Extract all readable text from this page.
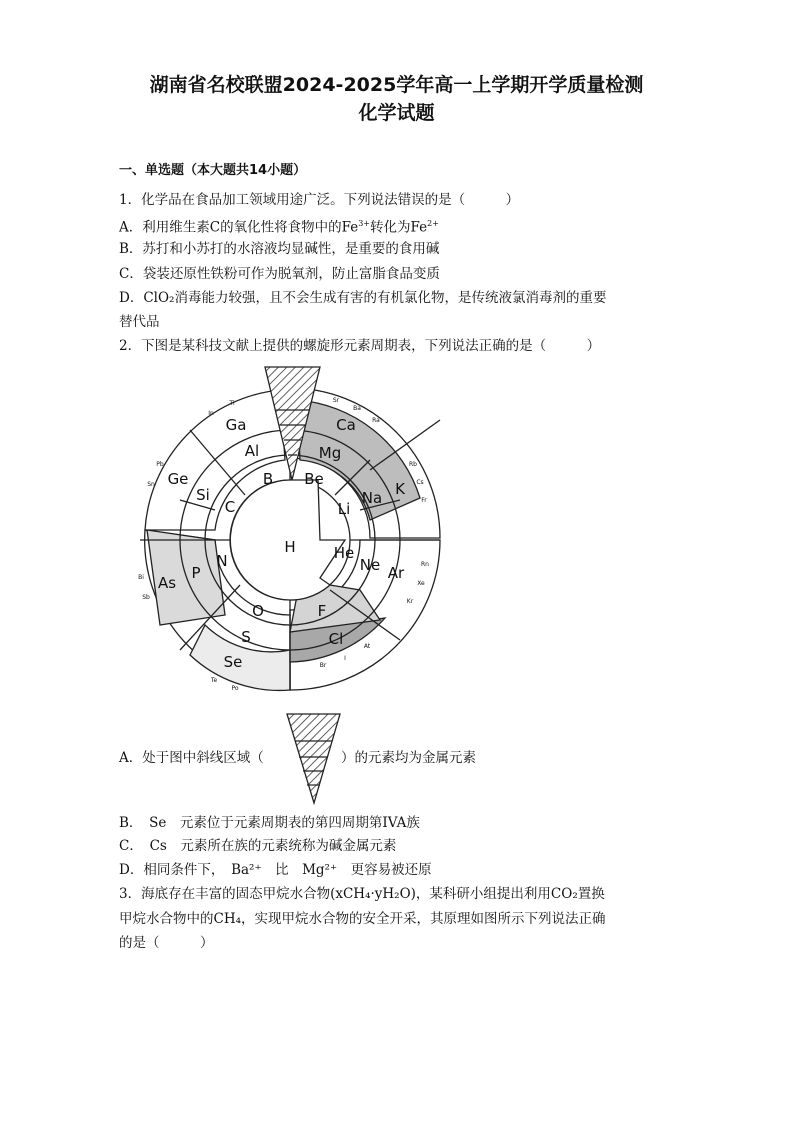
湖南省名校联盟2024-2025学年高一上学期开学质量检测
化学试题
一、单选题（本大题共14小题）
1．化学品在食品加工领域用途广泛。下列说法错误的是（　　　）
A．利用维生素C的氧化性将食物中的$Fe^{3+}$转化为$Fe^{2+}$
B．苏打和小苏打的水溶液均显碱性，是重要的食用碱
C．袋装还原性铁粉可作为脱氧剂，防止富脂食品变质
D．ClO₂消毒能力较强，且不会生成有害的有机氯化物，是传统液氯消毒剂的重要
替代品
2．下图是某科技文献上提供的螺旋形元素周期表，下列说法正确的是（　　　）
H	He
Li
Be
B
C
N
O	F
Ne Ar
Na
Mg
Al
Si
P
S	Cl
K
Ca
Ga
Ge
As
Se
Rb
Cs
Fr
Sr
Ba
Ra
In
Tl
Pb
Sn
Bi
Sb
Te
Po
Br
I
At
Rn
Xe
Kr
A．处于图中斜线区域（	）的元素均为金属元素
B．　Se　元素位于元素周期表的第四周期第IVA族
C．　Cs　元素所在族的元素统称为碱金属元素
D．相同条件下，　Ba²⁺　比　Mg²⁺　更容易被还原
3．海底存在丰富的固态甲烷水合物(xCH₄·yH₂O)，某科研小组提出利用CO₂置换
甲烷水合物中的CH₄，实现甲烷水合物的安全开采，其原理如图所示下列说法正确
的是（　　　）
